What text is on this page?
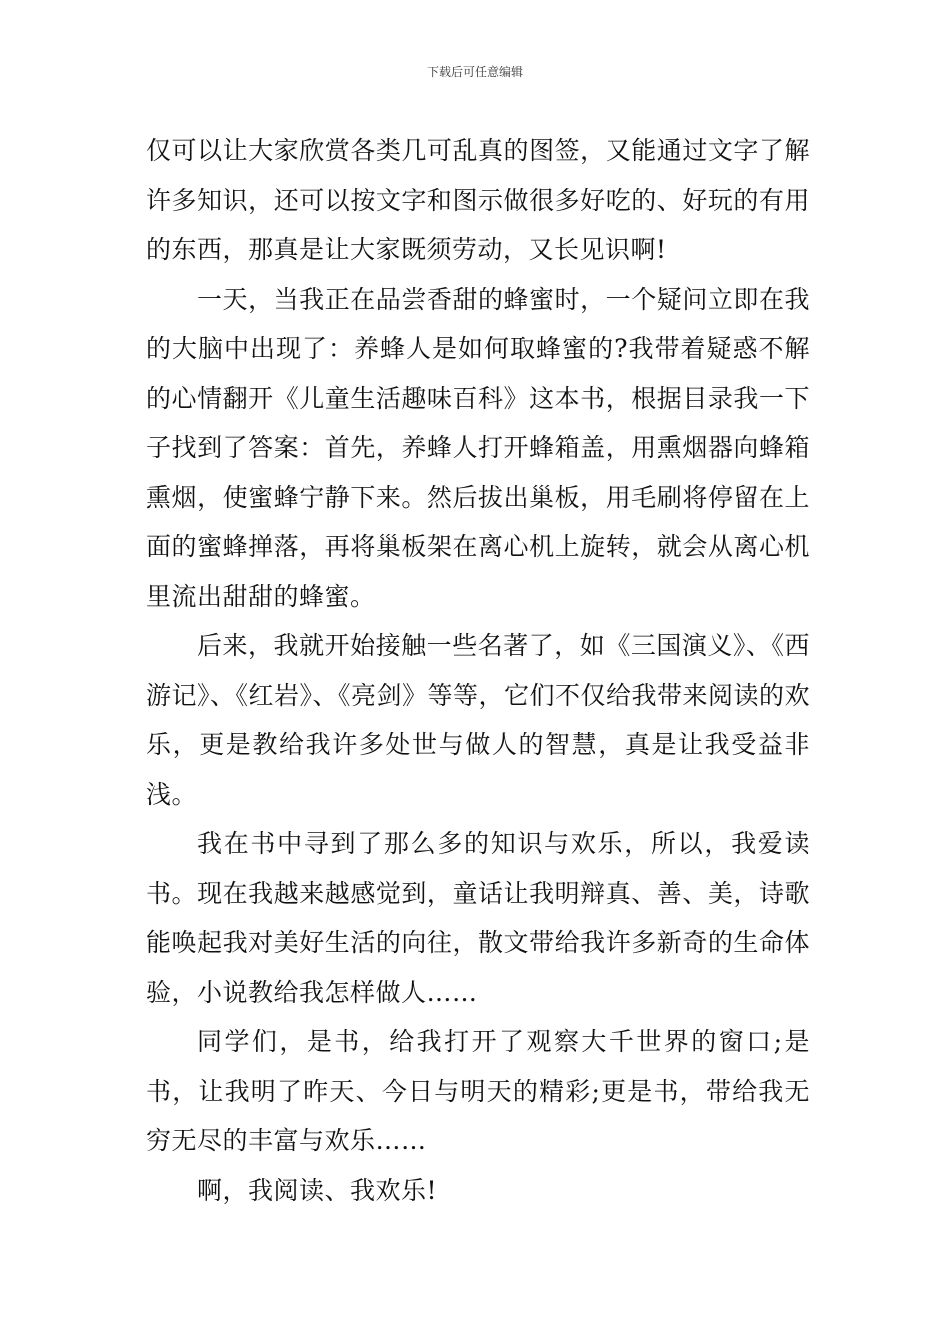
下载后可任意编辑

仅可以让大家欣赏各类几可乱真的图签，又能通过文字了解许多知识，还可以按文字和图示做很多好吃的、好玩的有用的东西，那真是让大家既须劳动，又长见识啊!

一天，当我正在品尝香甜的蜂蜜时，一个疑问立即在我的大脑中出现了：养蜂人是如何取蜂蜜的?我带着疑惑不解的心情翻开《儿童生活趣味百科》这本书，根据目录我一下子找到了答案：首先，养蜂人打开蜂箱盖，用熏烟器向蜂箱熏烟，使蜜蜂宁静下来。然后拔出巢板，用毛刷将停留在上面的蜜蜂掸落，再将巢板架在离心机上旋转，就会从离心机里流出甜甜的蜂蜜。

后来，我就开始接触一些名著了，如《三国演义》、《西游记》、《红岩》、《亮剑》等等，它们不仅给我带来阅读的欢乐，更是教给我许多处世与做人的智慧，真是让我受益非浅。

我在书中寻到了那么多的知识与欢乐，所以，我爱读书。现在我越来越感觉到，童话让我明辩真、善、美，诗歌能唤起我对美好生活的向往，散文带给我许多新奇的生命体验，小说教给我怎样做人……

同学们，是书，给我打开了观察大千世界的窗口;是书，让我明了昨天、今日与明天的精彩;更是书，带给我无穷无尽的丰富与欢乐……

啊，我阅读、我欢乐!
